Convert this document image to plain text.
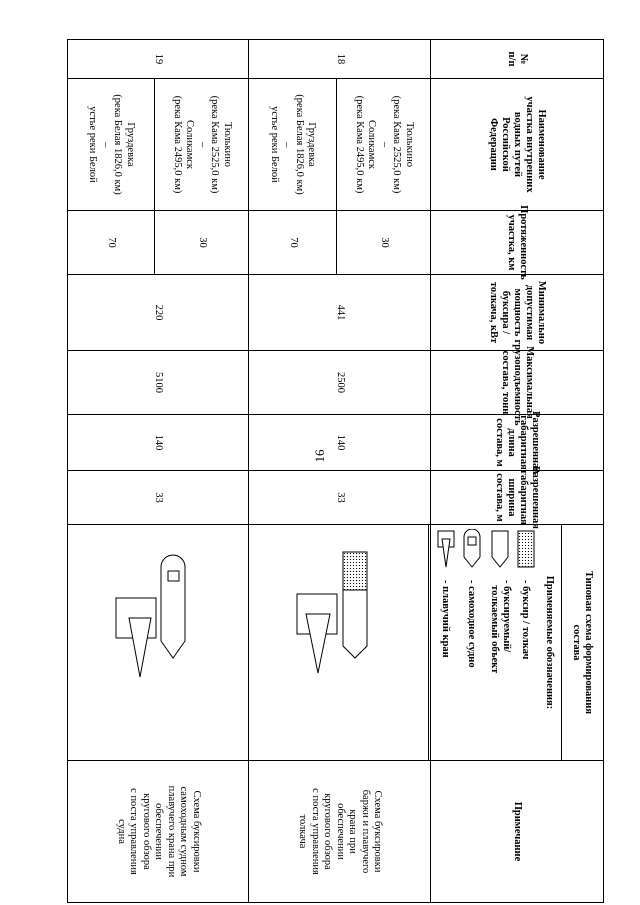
16
№
п/п
Наименование
участка внутренних
водных путей
Российской
Федерации
Протяженность
участка, км
Минимально
допустимая мощность
буксира / толкача, кВт
Максимальная
грузоподъемность
состава, тонн
Разрешенная
габаритная длина
состава, м
Разрешенная
габаритная ширина
состава, м
Типовая схема формирования
состава
Применяемые обозначения:
- буксир / толкач
- буксируемый/
толкаемый объект
- самоходное судно
- плавучий кран
Примечание
18
Тюлькино
(река Кама 2525,0 км)
–
Соликамск
(река Кама 2495,0 км)
30
Груздевка
(река Белая 1826,0 км)
–
устье реки Белой
70
441
2500
140
33
Схема буксировки
баржи и плавучего
крана при
обеспечении
кругового обзора
с поста управления
толкача
19
Тюлькино
(река Кама 2525,0 км)
–
Соликамск
(река Кама 2495,0 км)
30
Груздевка
(река Белая 1826,0 км)
–
устье реки Белой
70
220
5100
140
33
Схема буксировки
самоходным судном
плавучего крана при
обеспечении
кругового обзора
с поста управления
судна
